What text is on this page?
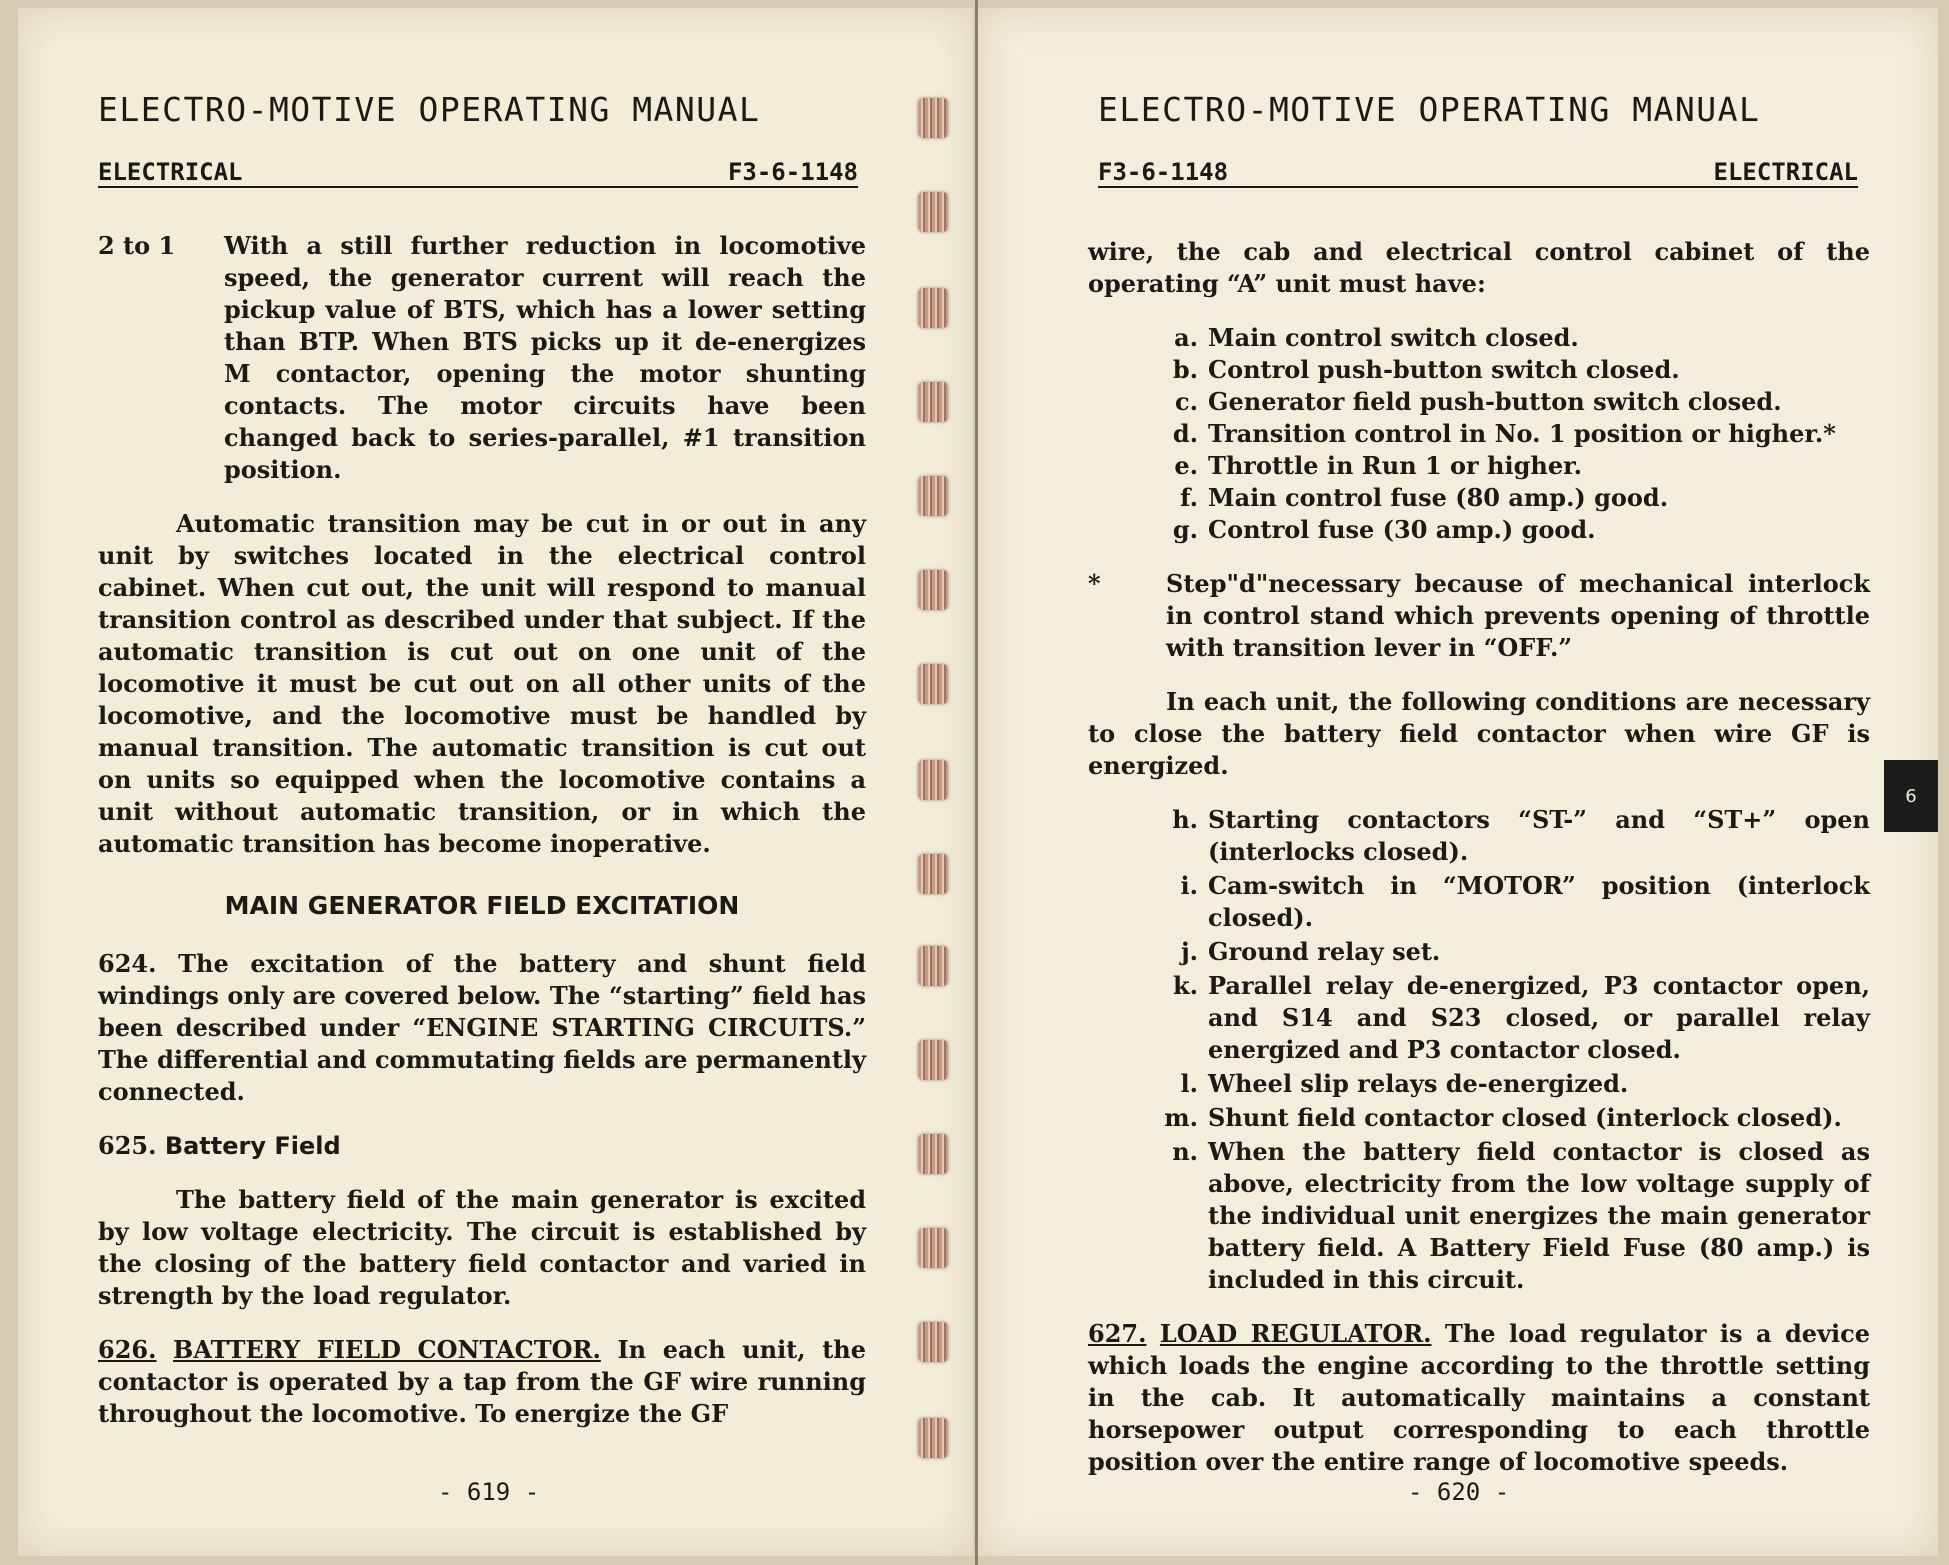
ELECTRO-MOTIVE OPERATING MANUAL
ELECTRICAL	F3-6-1148
2 to 1	With a still further reduction in locomotive speed, the generator current will reach the pickup value of BTS, which has a lower setting than BTP. When BTS picks up it de-energizes M contactor, opening the motor shunting contacts. The motor circuits have been changed back to series-parallel, #1 transition position.

Automatic transition may be cut in or out in any unit by switches located in the electrical control cabinet. When cut out, the unit will respond to manual transition control as described under that subject. If the automatic transition is cut out on one unit of the locomotive it must be cut out on all other units of the locomotive, and the locomotive must be handled by manual transition. The automatic transition is cut out on units so equipped when the locomotive contains a unit without automatic transition, or in which the automatic transition has become inoperative.

MAIN GENERATOR FIELD EXCITATION

624. The excitation of the battery and shunt field windings only are covered below. The “starting” field has been described under “ENGINE STARTING CIRCUITS.” The differential and commutating fields are permanently connected.

625. Battery Field

The battery field of the main generator is excited by low voltage electricity. The circuit is established by the closing of the battery field contactor and varied in strength by the load regulator.

626. BATTERY FIELD CONTACTOR. In each unit, the contactor is operated by a tap from the GF wire running throughout the locomotive. To energize the GF

- 619 -
ELECTRO-MOTIVE OPERATING MANUAL
F3-6-1148	ELECTRICAL

wire, the cab and electrical control cabinet of the operating “A” unit must have:

a. Main control switch closed.
b. Control push-button switch closed.
c. Generator field push-button switch closed.
d. Transition control in No. 1 position or higher.*
e. Throttle in Run 1 or higher.
f. Main control fuse (80 amp.) good.
g. Control fuse (30 amp.) good.
*	Step"d"necessary because of mechanical interlock in control stand which prevents opening of throttle with transition lever in “OFF.”

In each unit, the following conditions are necessary to close the battery field contactor when wire GF is energized.

h. Starting contactors “ST-” and “ST+” open (interlocks closed).
i. Cam-switch in “MOTOR” position (interlock closed).
j. Ground relay set.
k. Parallel relay de-energized, P3 contactor open, and S14 and S23 closed, or parallel relay energized and P3 contactor closed.
l. Wheel slip relays de-energized.
m. Shunt field contactor closed (interlock closed).
n. When the battery field contactor is closed as above, electricity from the low voltage supply of the individual unit energizes the main generator battery field. A Battery Field Fuse (80 amp.) is included in this circuit.

627. LOAD REGULATOR. The load regulator is a device which loads the engine according to the throttle setting in the cab. It automatically maintains a constant horsepower output corresponding to each throttle position over the entire range of locomotive speeds.

- 620 -
6
